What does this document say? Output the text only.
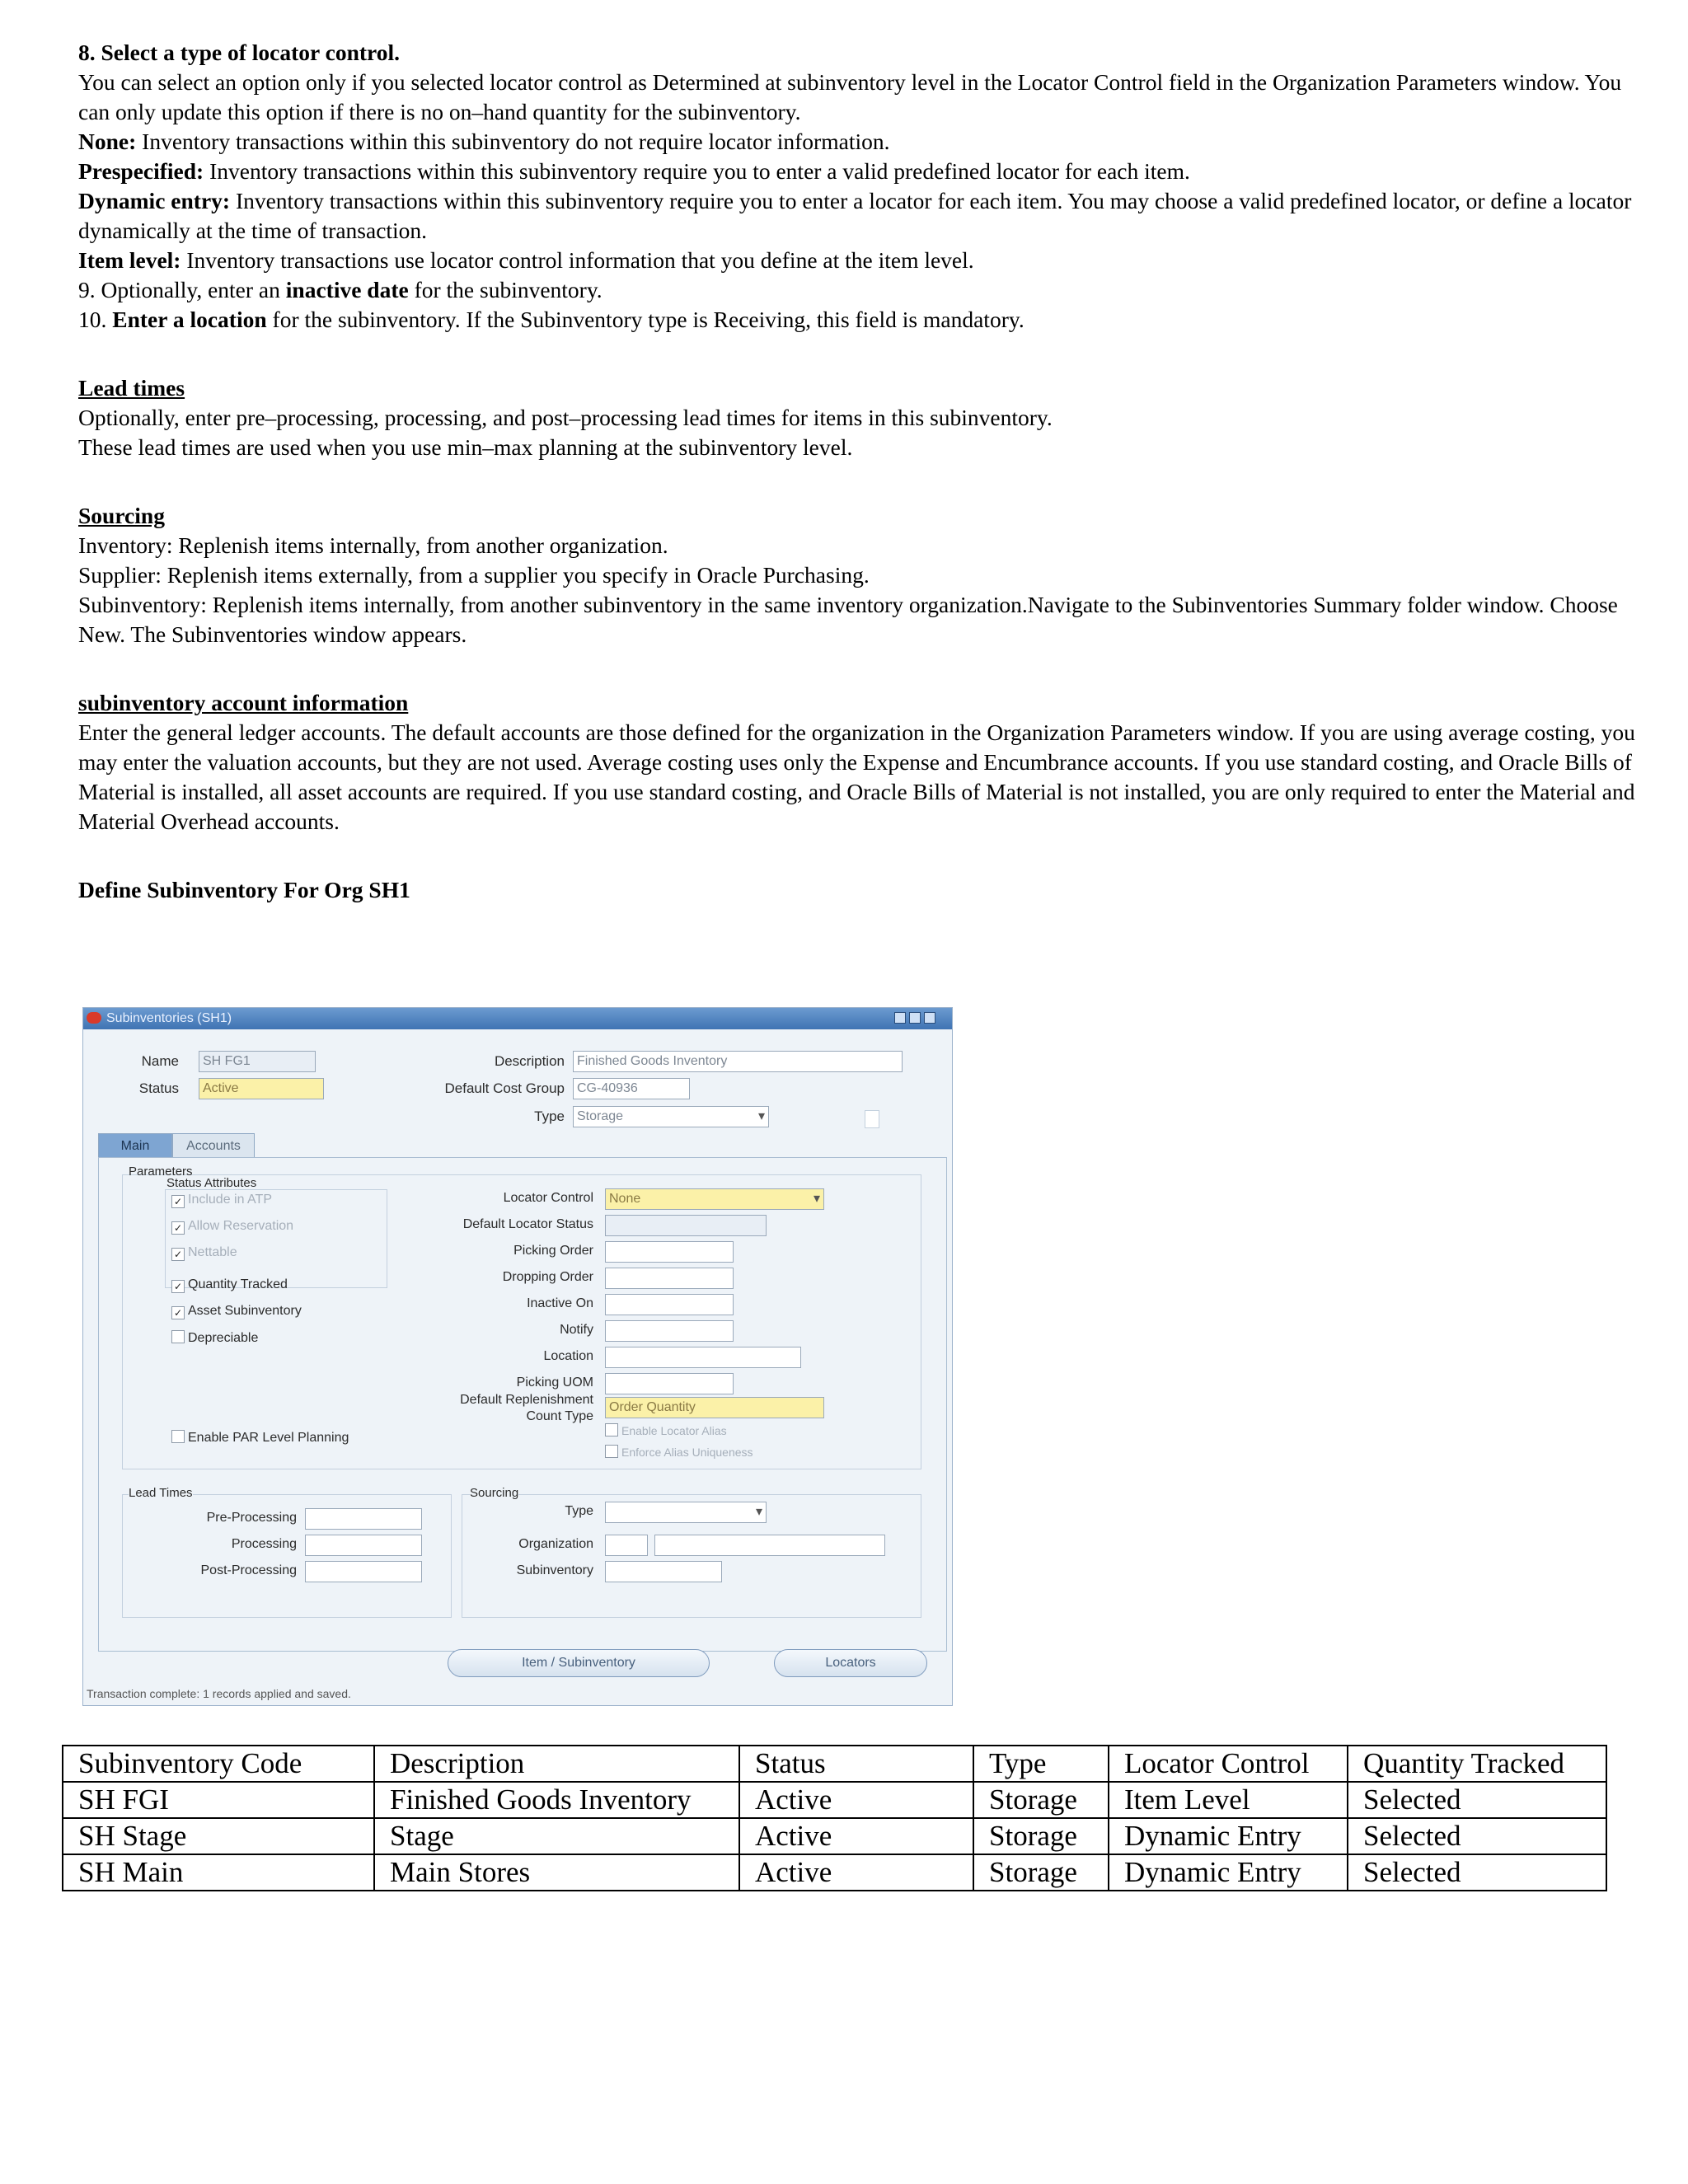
8. Select a type of locator control.

You can select an option only if you selected locator control as Determined at subinventory level in the Locator Control field in the Organization Parameters window. You can only update this option if there is no on–hand quantity for the subinventory.

None: Inventory transactions within this subinventory do not require locator information.

Prespecified: Inventory transactions within this subinventory require you to enter a valid predefined locator for each item.

Dynamic entry: Inventory transactions within this subinventory require you to enter a locator for each item. You may choose a valid predefined locator, or define a locator dynamically at the time of transaction.

Item level: Inventory transactions use locator control information that you define at the item level.

9. Optionally, enter an inactive date for the subinventory.

10. Enter a location for the subinventory. If the Subinventory type is Receiving, this field is mandatory.

Lead times

Optionally, enter pre–processing, processing, and post–processing lead times for items in this subinventory.

These lead times are used when you use min–max planning at the subinventory level.

Sourcing

Inventory: Replenish items internally, from another organization.

Supplier: Replenish items externally, from a supplier you specify in Oracle Purchasing.

Subinventory: Replenish items internally, from another subinventory in the same inventory organization.Navigate to the Subinventories Summary folder window. Choose New. The Subinventories window appears.

subinventory account information

Enter the general ledger accounts. The default accounts are those defined for the organization in the Organization Parameters window. If you are using average costing, you may enter the valuation accounts, but they are not used. Average costing uses only the Expense and Encumbrance accounts. If you use standard costing, and Oracle Bills of Material is installed, all asset accounts are required. If you use standard costing, and Oracle Bills of Material is not installed, you are only required to enter the Material and Material Overhead accounts.

Define Subinventory For Org SH1

Subinventories (SH1)
Name	SH FG1
Status	Active
Description Finished Goods Inventory
Default Cost Group CG-40936
Type Storage ▾
Main	Accounts
Parameters
Status Attributes
✓ Include in ATP
✓ Allow Reservation
✓ Nettable
✓ Quantity Tracked
✓ Asset Subinventory
Depreciable
Enable PAR Level Planning
Locator Control	None ▾
Default Locator Status
Picking Order
Dropping Order
Inactive On
Notify
Location
Picking UOM
Default Replenishment
Count Type
Order Quantity
Enable Locator Alias
Enforce Alias Uniqueness
Lead Times
Pre-Processing
Processing
Post-Processing
Sourcing
Type
▾
Organization
Subinventory
Item / Subinventory	Locators
Transaction complete: 1 records applied and saved.
Subinventory Code	Description	Status	Type	Locator Control	Quantity Tracked
SH FGI	Finished Goods Inventory	Active	Storage	Item Level	Selected
SH Stage	Stage	Active	Storage	Dynamic Entry	Selected
SH Main	Main Stores	Active	Storage	Dynamic Entry	Selected
